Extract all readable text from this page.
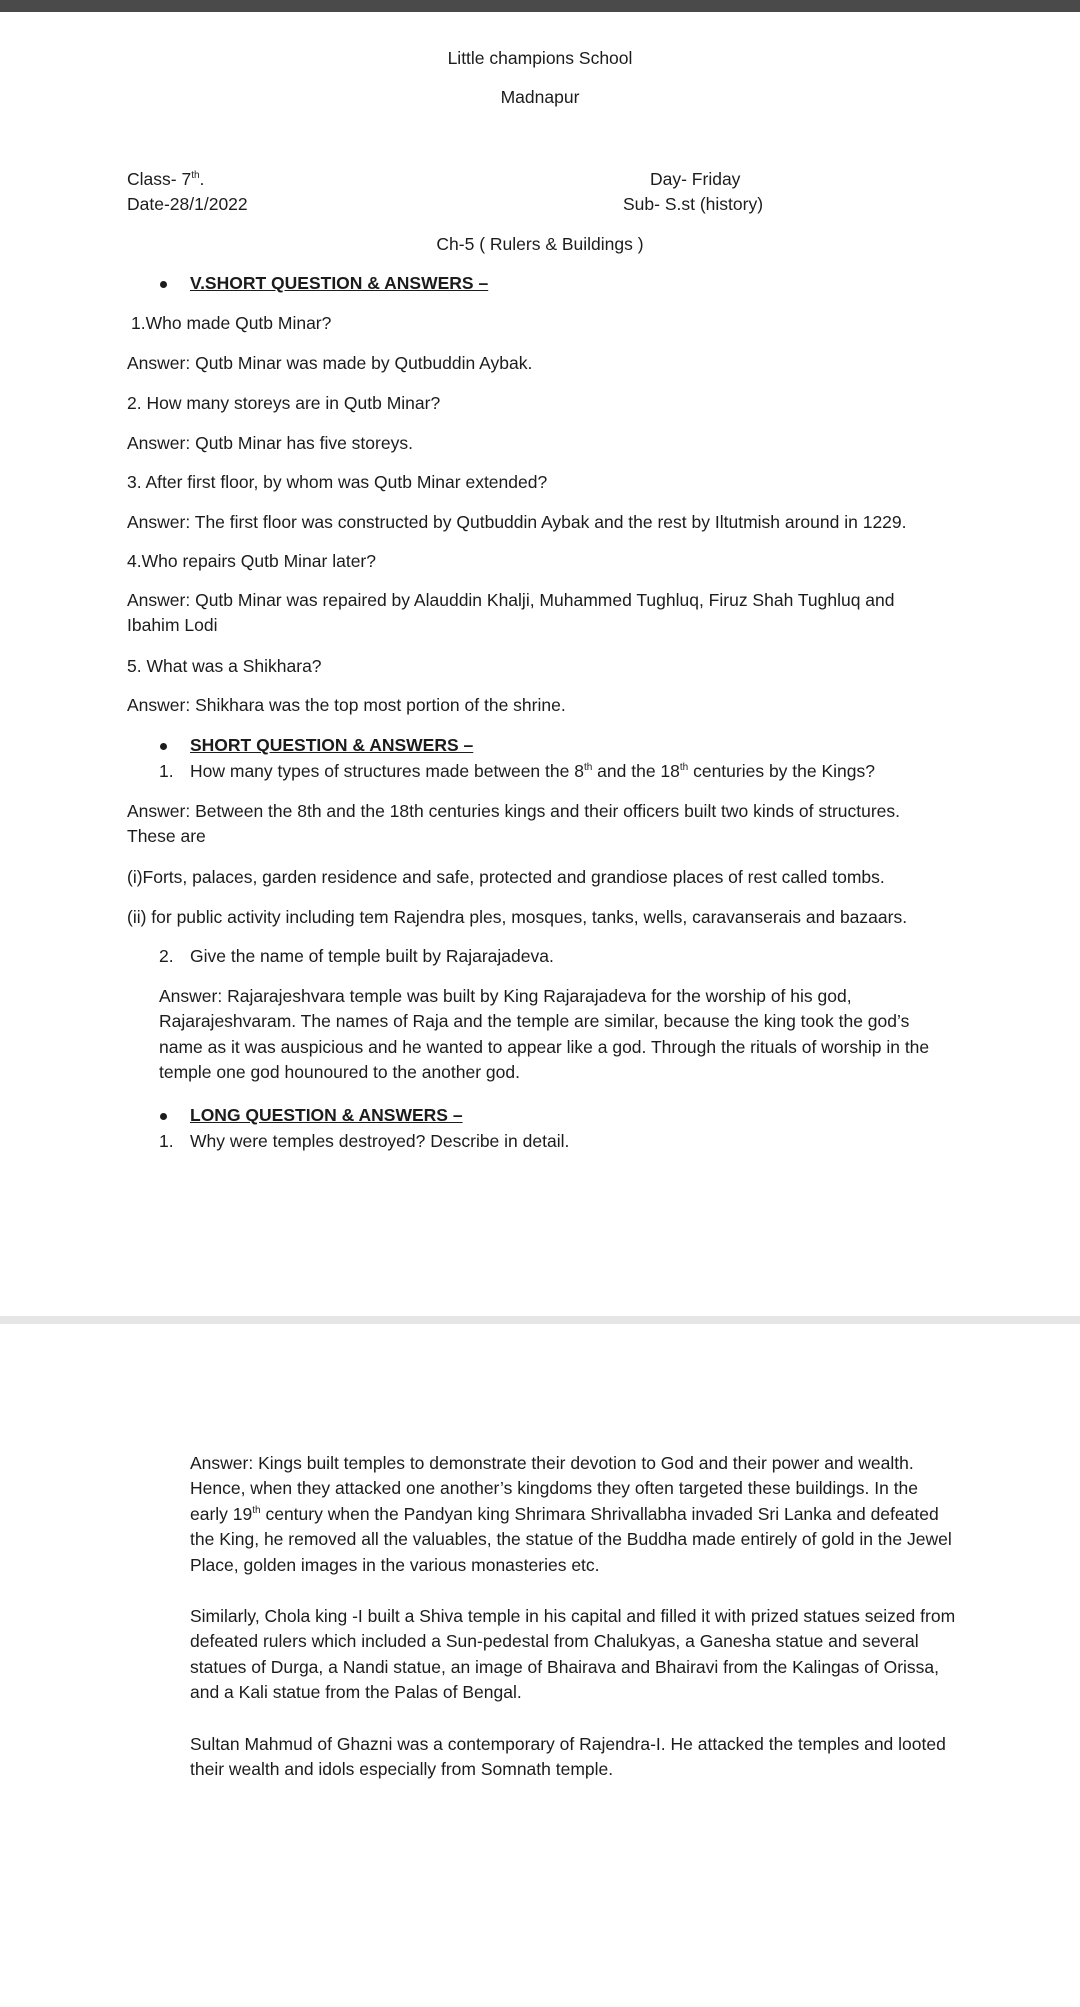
Little champions School
Madnapur
Class- 7th.
Date-28/1/2022
Day- Friday
Sub- S.st (history)
Ch-5 ( Rulers & Buildings )
V.SHORT QUESTION & ANSWERS –
1.Who made Qutb Minar?
Answer: Qutb Minar was made by Qutbuddin Aybak.
2. How many storeys are in Qutb Minar?
Answer: Qutb Minar has five storeys.
3. After first floor, by whom was Qutb Minar extended?
Answer: The first floor was constructed by Qutbuddin Aybak and the rest by Iltutmish around in 1229.
4.Who repairs Qutb Minar later?
Answer: Qutb Minar was repaired by Alauddin Khalji, Muhammed Tughluq, Firuz Shah Tughluq and Ibahim Lodi
5. What was a Shikhara?
Answer: Shikhara was the top most portion of the shrine.
SHORT QUESTION & ANSWERS –
1. How many types of structures made between the 8th and the 18th centuries by the Kings?
Answer: Between the 8th and the 18th centuries kings and their officers built two kinds of structures. These are
(i)Forts, palaces, garden residence and safe, protected and grandiose places of rest called tombs.
(ii) for public activity including tem Rajendra ples, mosques, tanks, wells, caravanserais and bazaars.
2. Give the name of temple built by Rajarajadeva.
Answer: Rajarajeshvara temple was built by King Rajarajadeva for the worship of his god, Rajarajeshvaram. The names of Raja and the temple are similar, because the king took the god’s name as it was auspicious and he wanted to appear like a god. Through the rituals of worship in the temple one god hounoured to the another god.
LONG QUESTION & ANSWERS –
1. Why were temples destroyed? Describe in detail.
Answer: Kings built temples to demonstrate their devotion to God and their power and wealth. Hence, when they attacked one another’s kingdoms they often targeted these buildings. In the early 19th century when the Pandyan king Shrimara Shrivallabha invaded Sri Lanka and defeated the King, he removed all the valuables, the statue of the Buddha made entirely of gold in the Jewel Place, golden images in the various monasteries etc.
Similarly, Chola king -I built a Shiva temple in his capital and filled it with prized statues seized from defeated rulers which included a Sun-pedestal from Chalukyas, a Ganesha statue and several statues of Durga, a Nandi statue, an image of Bhairava and Bhairavi from the Kalingas of Orissa, and a Kali statue from the Palas of Bengal.
Sultan Mahmud of Ghazni was a contemporary of Rajendra-I. He attacked the temples and looted their wealth and idols especially from Somnath temple.
